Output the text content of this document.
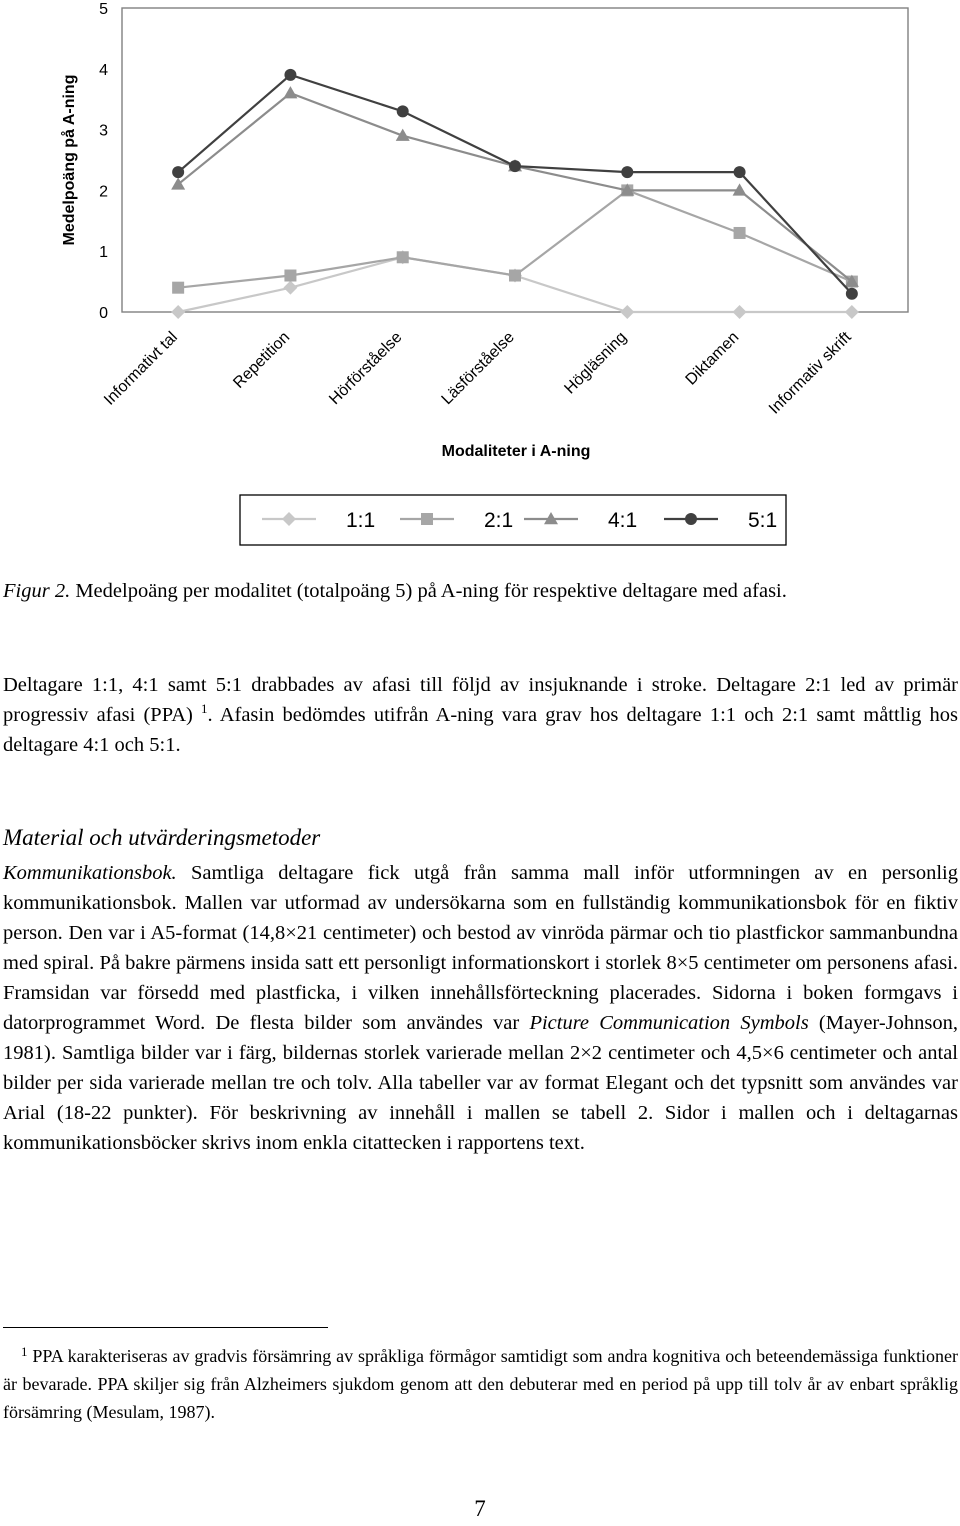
Medelpoäng på A-ning
0
1
2
3
4
5
Informativt tal	Repetition Hörförståelse Läsförståelse	Högläsning	Diktamen Informativ skrift
Modaliteter i A-ning
1:1	2:1	4:1	5:1
Figur 2. Medelpoäng per modalitet (totalpoäng 5) på A-ning för respektive deltagare med afasi.
Deltagare 1:1, 4:1 samt 5:1 drabbades av afasi till följd av insjuknande i stroke. Deltagare 2:1 led av primär progressiv afasi (PPA) $^1$. Afasin bedömdes utifrån A-ning vara grav hos deltagare 1:1 och 2:1 samt måttlig hos deltagare 4:1 och 5:1.
Material och utvärderingsmetoder
Kommunikationsbok. Samtliga deltagare fick utgå från samma mall inför utformningen av en personlig kommunikationsbok. Mallen var utformad av undersökarna som en fullständig kommunikationsbok för en fiktiv person. Den var i A5-format (14,8×21 centimeter) och bestod av vinröda pärmar och tio plastfickor sammanbundna med spiral. På bakre pärmens insida satt ett personligt informationskort i storlek 8×5 centimeter om personens afasi. Framsidan var försedd med plastficka, i vilken innehållsförteckning placerades. Sidorna i boken formgavs i datorprogrammet Word. De flesta bilder som användes var Picture Communication Symbols (Mayer-Johnson, 1981). Samtliga bilder var i färg, bildernas storlek varierade mellan 2×2 centimeter och 4,5×6 centimeter och antal bilder per sida varierade mellan tre och tolv. Alla tabeller var av format Elegant och det typsnitt som användes var Arial (18-22 punkter). För beskrivning av innehåll i mallen se tabell 2. Sidor i mallen och i deltagarnas kommunikationsböcker skrivs inom enkla citattecken i rapportens text.
$^1$ PPA karakteriseras av gradvis försämring av språkliga förmågor samtidigt som andra kognitiva och beteendemässiga funktioner är bevarade. PPA skiljer sig från Alzheimers sjukdom genom att den debuterar med en period på upp till tolv år av enbart språklig försämring (Mesulam, 1987).
7
